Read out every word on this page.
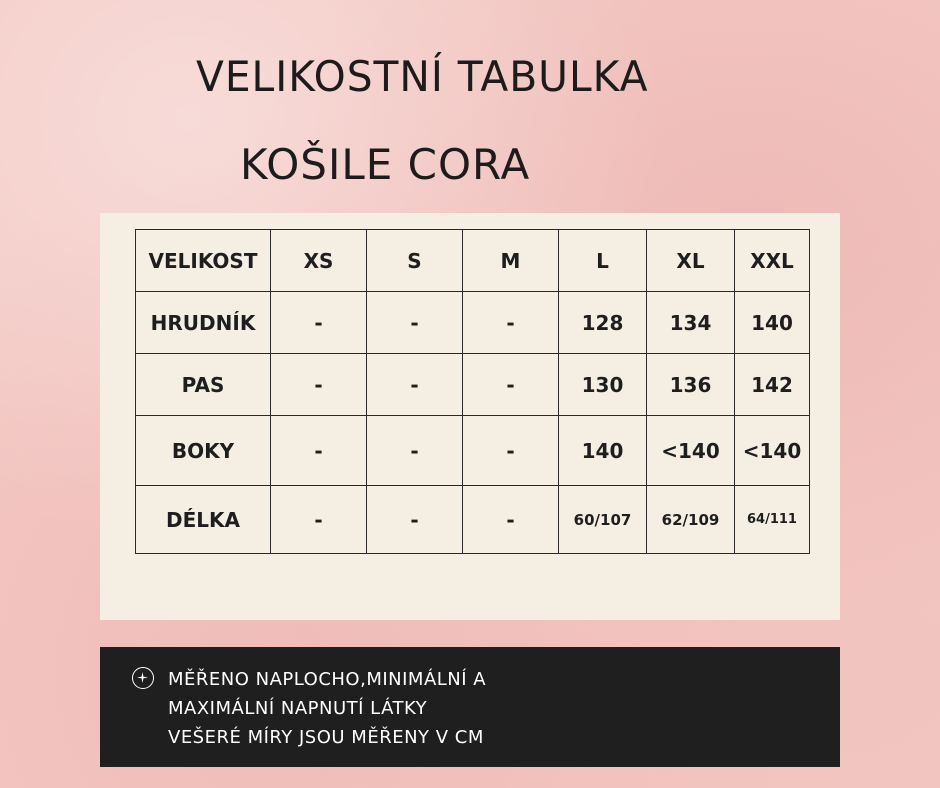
VELIKOSTNÍ TABULKA
KOŠILE CORA
VELIKOST	XS	S	M	L	XL	XXL
HRUDNÍK	-	-	-	128	134	140
PAS	-	-	-	130	136	142
BOKY	-	-	-	140	<140	<140
DÉLKA	-	-	-	60/107	62/109	64/111
MĚŘENO NAPLOCHO,MINIMÁLNÍ A
MAXIMÁLNÍ NAPNUTÍ LÁTKY
VEŠERÉ MÍRY JSOU MĚŘENY V CM
